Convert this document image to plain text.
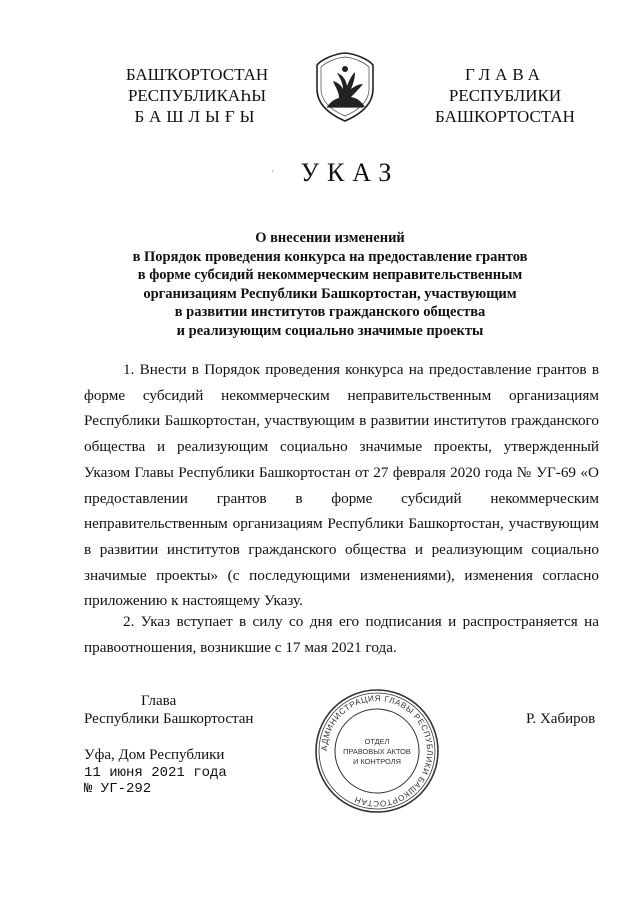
БАШҠОРТОСТАН
РЕСПУБЛИКАҺЫ
БАШЛЫҒЫ
ГЛАВА
РЕСПУБЛИКИ
БАШКОРТОСТАН
´	УКАЗ
О внесении изменений
в Порядок проведения конкурса на предоставление грантов
в форме субсидий некоммерческим неправительственным
организациям Республики Башкортостан, участвующим
в развитии институтов гражданского общества
и реализующим социально значимые проекты

1. Внести в Порядок проведения конкурса на предоставление грантов в форме субсидий некоммерческим неправительственным организациям Республики Башкортостан, участвующим в развитии институтов гражданского общества и реализующим социально значимые проекты, утвержденный Указом Главы Республики Башкортостан от 27 февраля 2020 года № УГ-69 «О предоставлении грантов в форме субсидий некоммерческим неправительственным организациям Республики Башкортостан, участвующим в развитии институтов гражданского общества и реализующим социально значимые проекты» (с последующими изменениями), изменения согласно приложению к настоящему Указу.

2. Указ вступает в силу со дня его подписания и распространяется на правоотношения, возникшие с 17 мая 2021 года.

Глава
Республики Башкортостан	Р. Хабиров
Уфа, Дом Республики
11 июня 2021 года
№ УГ-292
АДМИНИСТРАЦИЯ ГЛАВЫ РЕСПУБЛИКИ БАШКОРТОСТАН
ОТДЕЛ
ПРАВОВЫХ АКТОВ
И КОНТРОЛЯ
